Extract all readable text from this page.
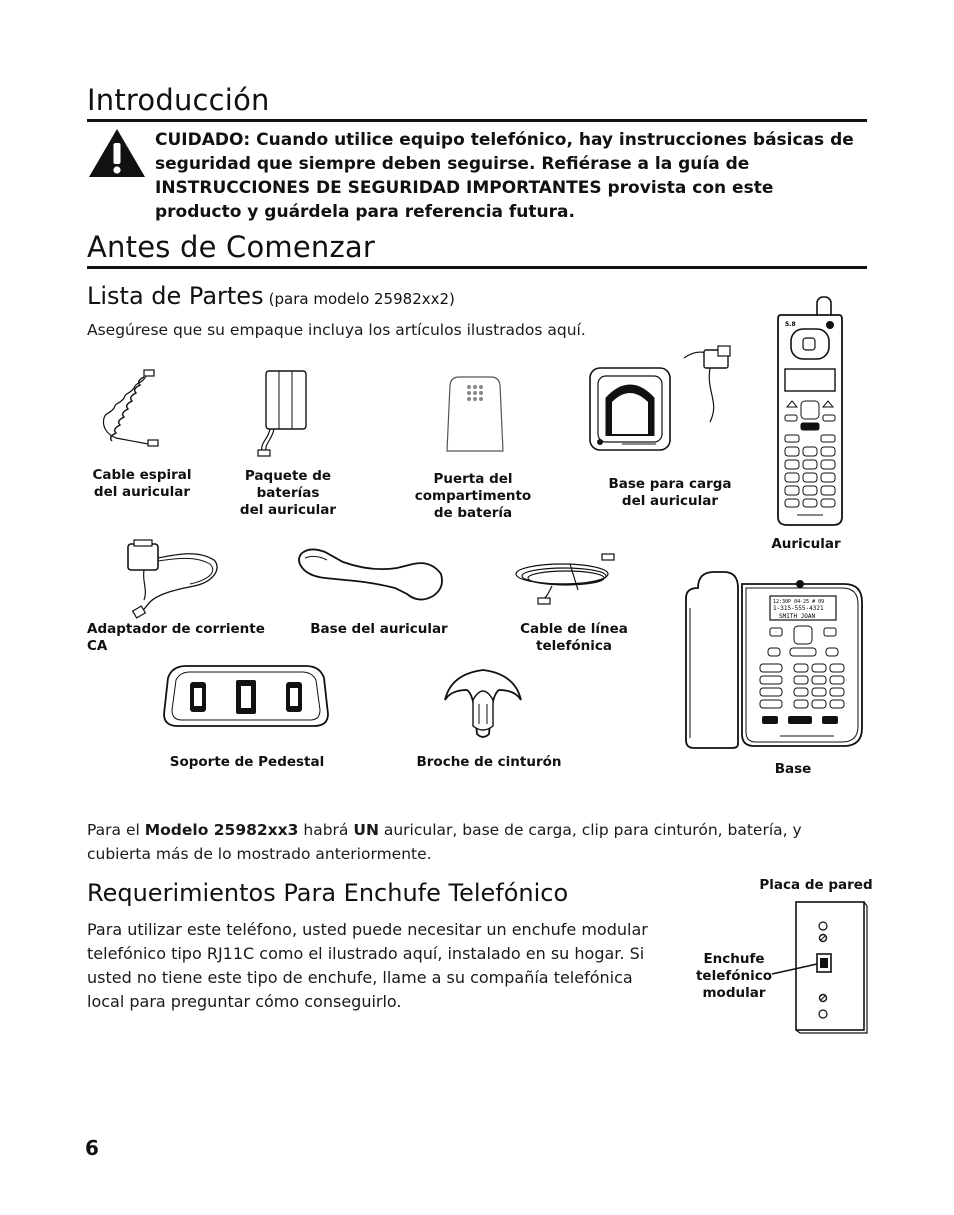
Introducción

CUIDADO: Cuando utilice equipo telefónico, hay instrucciones básicas de seguridad que siempre deben seguirse. Refiérase a la guía de INSTRUCCIONES DE SEGURIDAD IMPORTANTES provista con este producto y guárdela para referencia futura.

Antes de Comenzar
Lista de Partes (para modelo 25982xx2)

Asegúrese que su empaque incluya los artículos ilustrados aquí.

Cable espiral
del auricular
Paquete de baterías
del auricular
Puerta del compartimento
de batería
Base para carga
del auricular
5.8
Auricular
Adaptador de corriente CA
Base del auricular	Cable de línea telefónica
12:30P 04-25 # 09
1-315-555-4321
SMITH JOAN
Base
Soporte de Pedestal	Broche de cinturón

Para el Modelo 25982xx3 habrá UN auricular, base de carga, clip para cinturón, batería, y cubierta más de lo mostrado anteriormente.

Requerimientos Para Enchufe Telefónico

Para utilizar este teléfono, usted puede necesitar un enchufe modular telefónico tipo RJ11C como el ilustrado aquí, instalado en su hogar. Si usted no tiene este tipo de enchufe, llame a su compañía telefónica local para preguntar cómo conseguirlo.

Placa de pared
Enchufe
telefónico
modular
6
